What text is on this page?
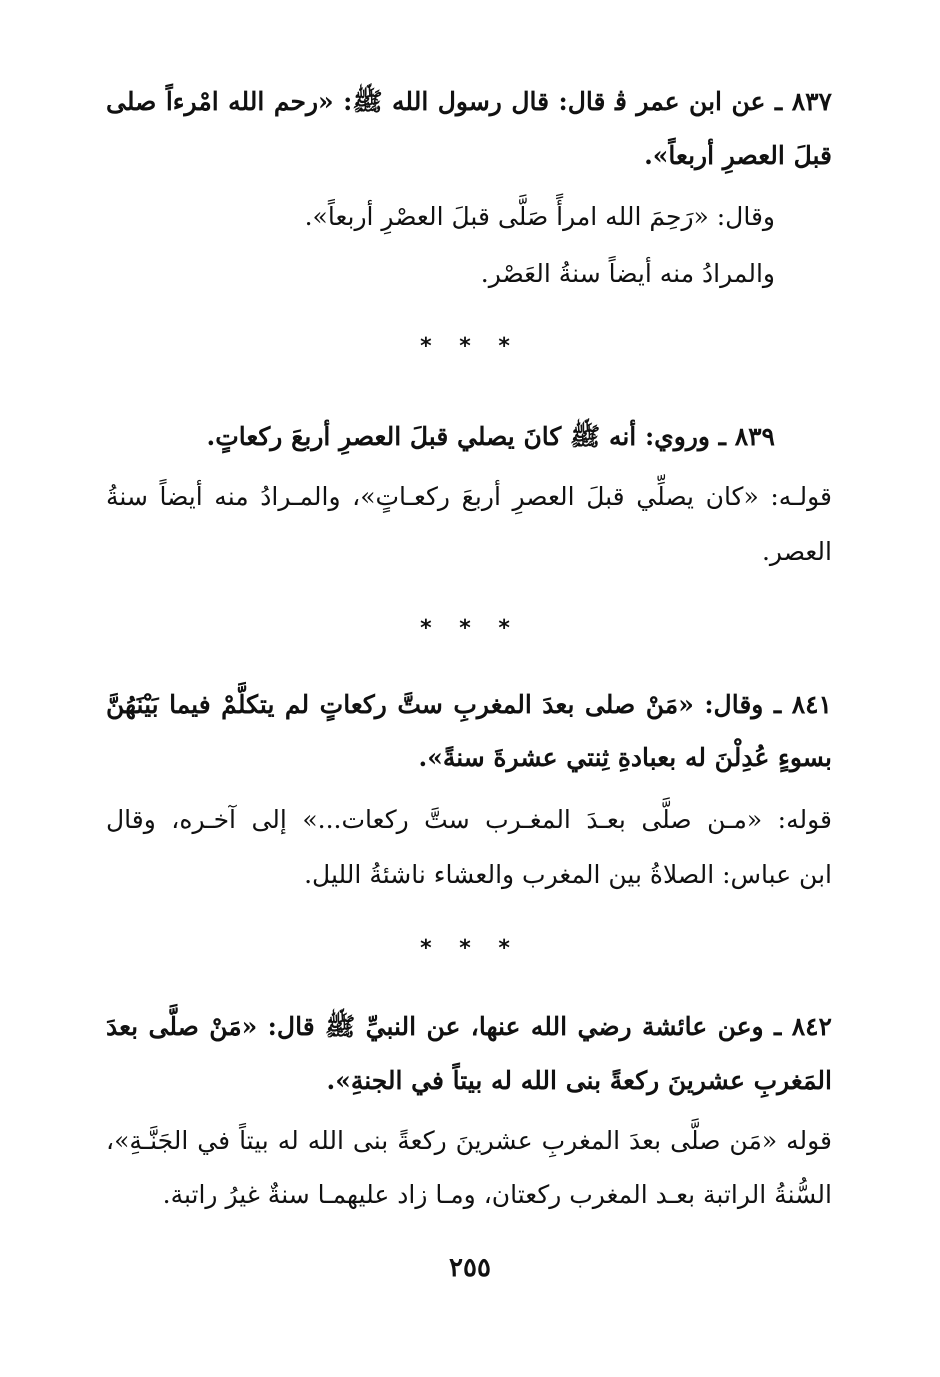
٨٣٧ ـ عن ابن عمر ﭬ قال: قال رسول الله ﷺ: «رحم الله امْرءاً صلى

قبلَ العصرِ أربعاً».

وقال: «رَحِمَ الله امرأً صَلَّى قبلَ العصْرِ أربعاً».

والمرادُ منه أيضاً سنةُ العَصْر.

* * *

٨٣٩ ـ وروي: أنه ﷺ كانَ يصلي قبلَ العصرِ أربعَ ركعاتٍ.

قولـه: «كان يصلِّي قبلَ العصرِ أربعَ ركعـاتٍ»، والمـرادُ منه أيضاً سنةُ

العصر.

* * *

٨٤١ ـ وقال: «مَنْ صلى بعدَ المغربِ ستَّ ركعاتٍ لم يتكلَّمْ فيما بَيْنَهُنَّ

بسوءٍ عُدِلْنَ له بعبادةِ ثِنتي عشرةَ سنةً».

قوله: «مـن صلَّى بعـدَ المغـرب ستَّ ركعات...» إلى آخـره، وقال

ابن عباس: الصلاةُ بين المغرب والعشاء ناشئةُ الليل.

* * *

٨٤٢ ـ وعن عائشة رضي الله عنها، عن النبيِّ ﷺ قال: «مَنْ صلَّى بعدَ

المَغربِ عشرينَ ركعةً بنى الله له بيتاً في الجنةِ».

قوله «مَن صلَّى بعدَ المغربِ عشرينَ ركعةً بنى الله له بيتاً في الجَنَّـةِ»،

السُّنةُ الراتبة بعـد المغرب ركعتان، ومـا زاد عليهمـا سنةٌ غيرُ راتبة.

٢٥٥
